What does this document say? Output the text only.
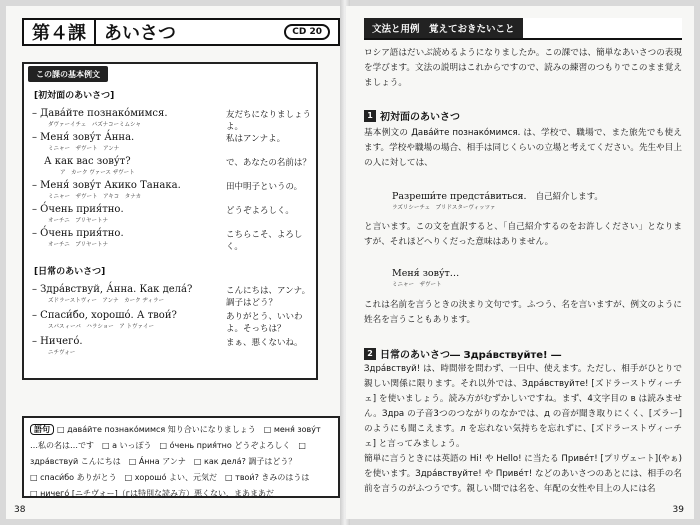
第４課	あいさつ	CD 20
この課の基本例文
[初対面のあいさつ]
– Дава́йте познако́мимся.
ダヴァーイチェ　パズナコーミムシャ
友だちになりましょうよ。
– Меня́ зову́т А́нна.
ミニャー　ザヴート　アンナ
私はアンナよ。
А как вас зову́т?
ア　カーク ヴァース ザヴート
で、あなたの名前は？
– Меня́ зову́т Акико Танака.
ミニャー　ザヴート　アキコ　タナカ
田中明子というの。
– О́чень прия́тно.
オーチニ　プリヤートナ
どうぞよろしく。
– О́чень прия́тно.
オーチニ　プリヤートナ
こちらこそ、よろしく。
[日常のあいさつ]
– Здра́вствуй, А́нна. Как дела́?
ズドラーストヴィー　アンナ　カーク ヂィラー
こんにちは、アンナ。調子はどう？
– Спаси́бо, хорошо́. А твои́?
スパスィーバ　ハラショー　ア トヴァイー
ありがとう、いいわよ。そっちは？
– Ничего́.
ニチヴォー
まぁ、悪くないね。
語句 □ дава́йте познако́мимся 知り合いになりましょう　□ меня́ зову́т
…私の名は…です　□ а いっぽう　□ о́чень прия́тно どうぞよろしく　□
здра́вствуй こんにちは　□ А́нна アンナ　□ как дела́? 調子はどう？
□ спаси́бо ありがとう　□ хорошо́ よい、元気だ　□ твои́? きみのはうは
□ ничего́ [ニチヴォー]（гは特別な読み方）悪くない、まあまあだ
38
文法と用例　覚えておきたいこと
ロシア語はだいぶ読めるようになりましたか。この課では、簡単なあいさつの表現を学びます。文法の説明はこれからですので、読みの練習のつもりでこのまま覚えましょう。
1 初対面のあいさつ
基本例文の Дава́йте познако́мимся. は、学校で、職場で、また旅先でも使えます。学校や職場の場合、相手は同じくらいの立場と考えてください。先生や目上の人に対しては、
Разреши́те предста́виться. 自己紹介します。
ラズリシーチェ　プリドスターヴィッツァ
と言います。この文を直訳すると、「自己紹介するのをお許しください」となりますが、それほどへりくだった意味はありません。
Меня́ зову́т…
ミニャー　ザヴート
これは名前を言うときの決まり文句です。ふつう、名を言いますが、例文のように姓名を言うこともあります。
2 日常のあいさつ― Здра́вствуйте! ―
Здра́вствуй! は、時間帯を問わず、一日中、使えます。ただし、相手がひとりで親しい関係に限ります。それ以外では、Здра́вствуйте! [ズドラーストヴィーチェ] を使いましょう。読み方がむずかしいですね。まず、4文字目の в は読みません。Здра の子音3つのつながりのなかでは、д の音が聞き取りにくく、[ズラー] のようにも聞こえます。л を忘れない気持ちを忘れずに、[ズドラーストヴィーチェ] と言ってみましょう。
簡単に言うときには英語の Hi! や Hello! に当たる Приве́т! [プリヴェート](やぁ) を使います。Здра́вствуйте! や Приве́т! などのあいさつのあとには、相手の名前を言うのがふつうです。親しい間では名を、年配の女性や目上の人には名
39
